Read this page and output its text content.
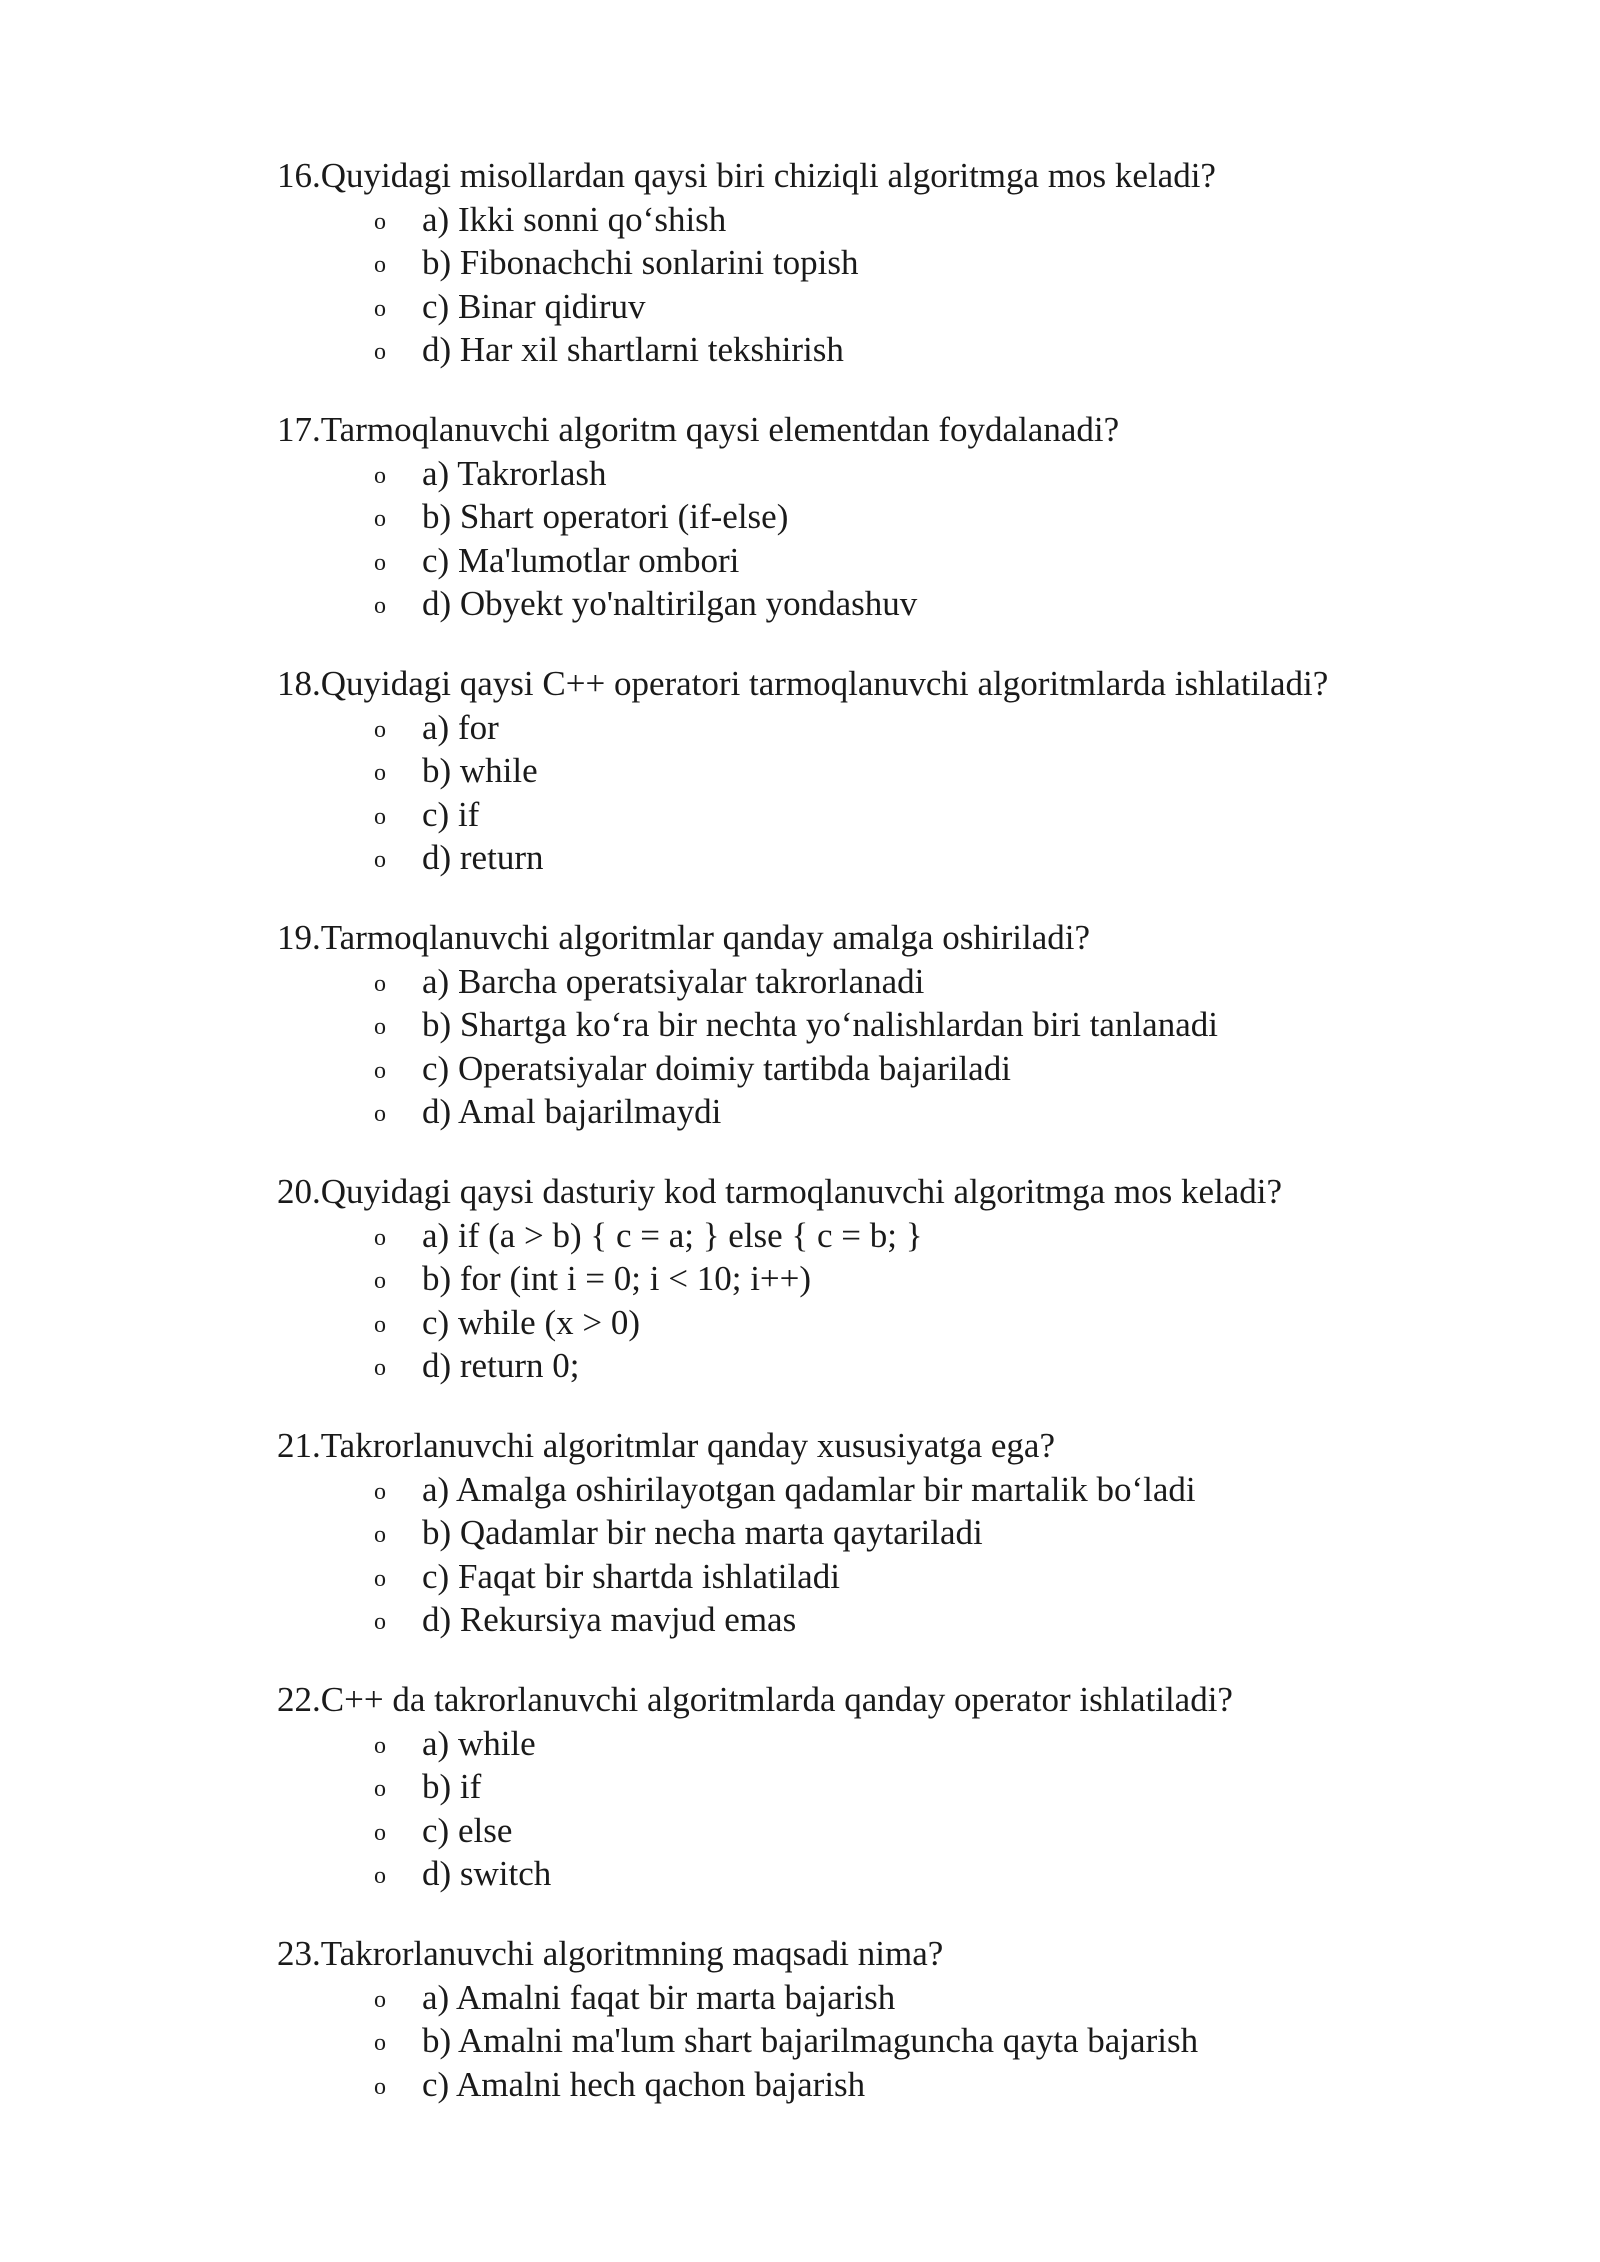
16.Quyidagi misollardan qaysi biri chiziqli algoritmga mos keladi?
o a) Ikki sonni qo‘shish
o b) Fibonachchi sonlarini topish
o c) Binar qidiruv
o d) Har xil shartlarni tekshirish
17.Tarmoqlanuvchi algoritm qaysi elementdan foydalanadi?
o a) Takrorlash
o b) Shart operatori (if-else)
o c) Ma'lumotlar ombori
o d) Obyekt yo'naltirilgan yondashuv
18.Quyidagi qaysi C++ operatori tarmoqlanuvchi algoritmlarda ishlatiladi?
o a) for
o b) while
o c) if
o d) return
19.Tarmoqlanuvchi algoritmlar qanday amalga oshiriladi?
o a) Barcha operatsiyalar takrorlanadi
o b) Shartga ko‘ra bir nechta yo‘nalishlardan biri tanlanadi
o c) Operatsiyalar doimiy tartibda bajariladi
o d) Amal bajarilmaydi
20.Quyidagi qaysi dasturiy kod tarmoqlanuvchi algoritmga mos keladi?
o a) if (a > b) { c = a; } else { c = b; }
o b) for (int i = 0; i < 10; i++)
o c) while (x > 0)
o d) return 0;
21.Takrorlanuvchi algoritmlar qanday xususiyatga ega?
o a) Amalga oshirilayotgan qadamlar bir martalik bo‘ladi
o b) Qadamlar bir necha marta qaytariladi
o c) Faqat bir shartda ishlatiladi
o d) Rekursiya mavjud emas
22.C++ da takrorlanuvchi algoritmlarda qanday operator ishlatiladi?
o a) while
o b) if
o c) else
o d) switch
23.Takrorlanuvchi algoritmning maqsadi nima?
o a) Amalni faqat bir marta bajarish
o b) Amalni ma'lum shart bajarilmaguncha qayta bajarish
o c) Amalni hech qachon bajarish
